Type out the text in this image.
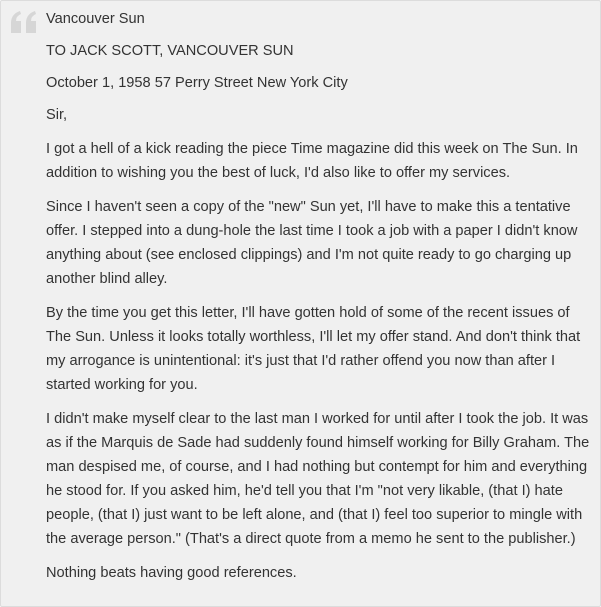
Vancouver Sun

TO JACK SCOTT, VANCOUVER SUN

October 1, 1958 57 Perry Street New York City

Sir,

I got a hell of a kick reading the piece Time magazine did this week on The Sun. In addition to wishing you the best of luck, I'd also like to offer my services.

Since I haven't seen a copy of the "new" Sun yet, I'll have to make this a tentative offer. I stepped into a dung-hole the last time I took a job with a paper I didn't know anything about (see enclosed clippings) and I'm not quite ready to go charging up another blind alley.

By the time you get this letter, I'll have gotten hold of some of the recent issues of The Sun. Unless it looks totally worthless, I'll let my offer stand. And don't think that my arrogance is unintentional: it's just that I'd rather offend you now than after I started working for you.

I didn't make myself clear to the last man I worked for until after I took the job. It was as if the Marquis de Sade had suddenly found himself working for Billy Graham. The man despised me, of course, and I had nothing but contempt for him and everything he stood for. If you asked him, he'd tell you that I'm "not very likable, (that I) hate people, (that I) just want to be left alone, and (that I) feel too superior to mingle with the average person." (That's a direct quote from a memo he sent to the publisher.)

Nothing beats having good references.
